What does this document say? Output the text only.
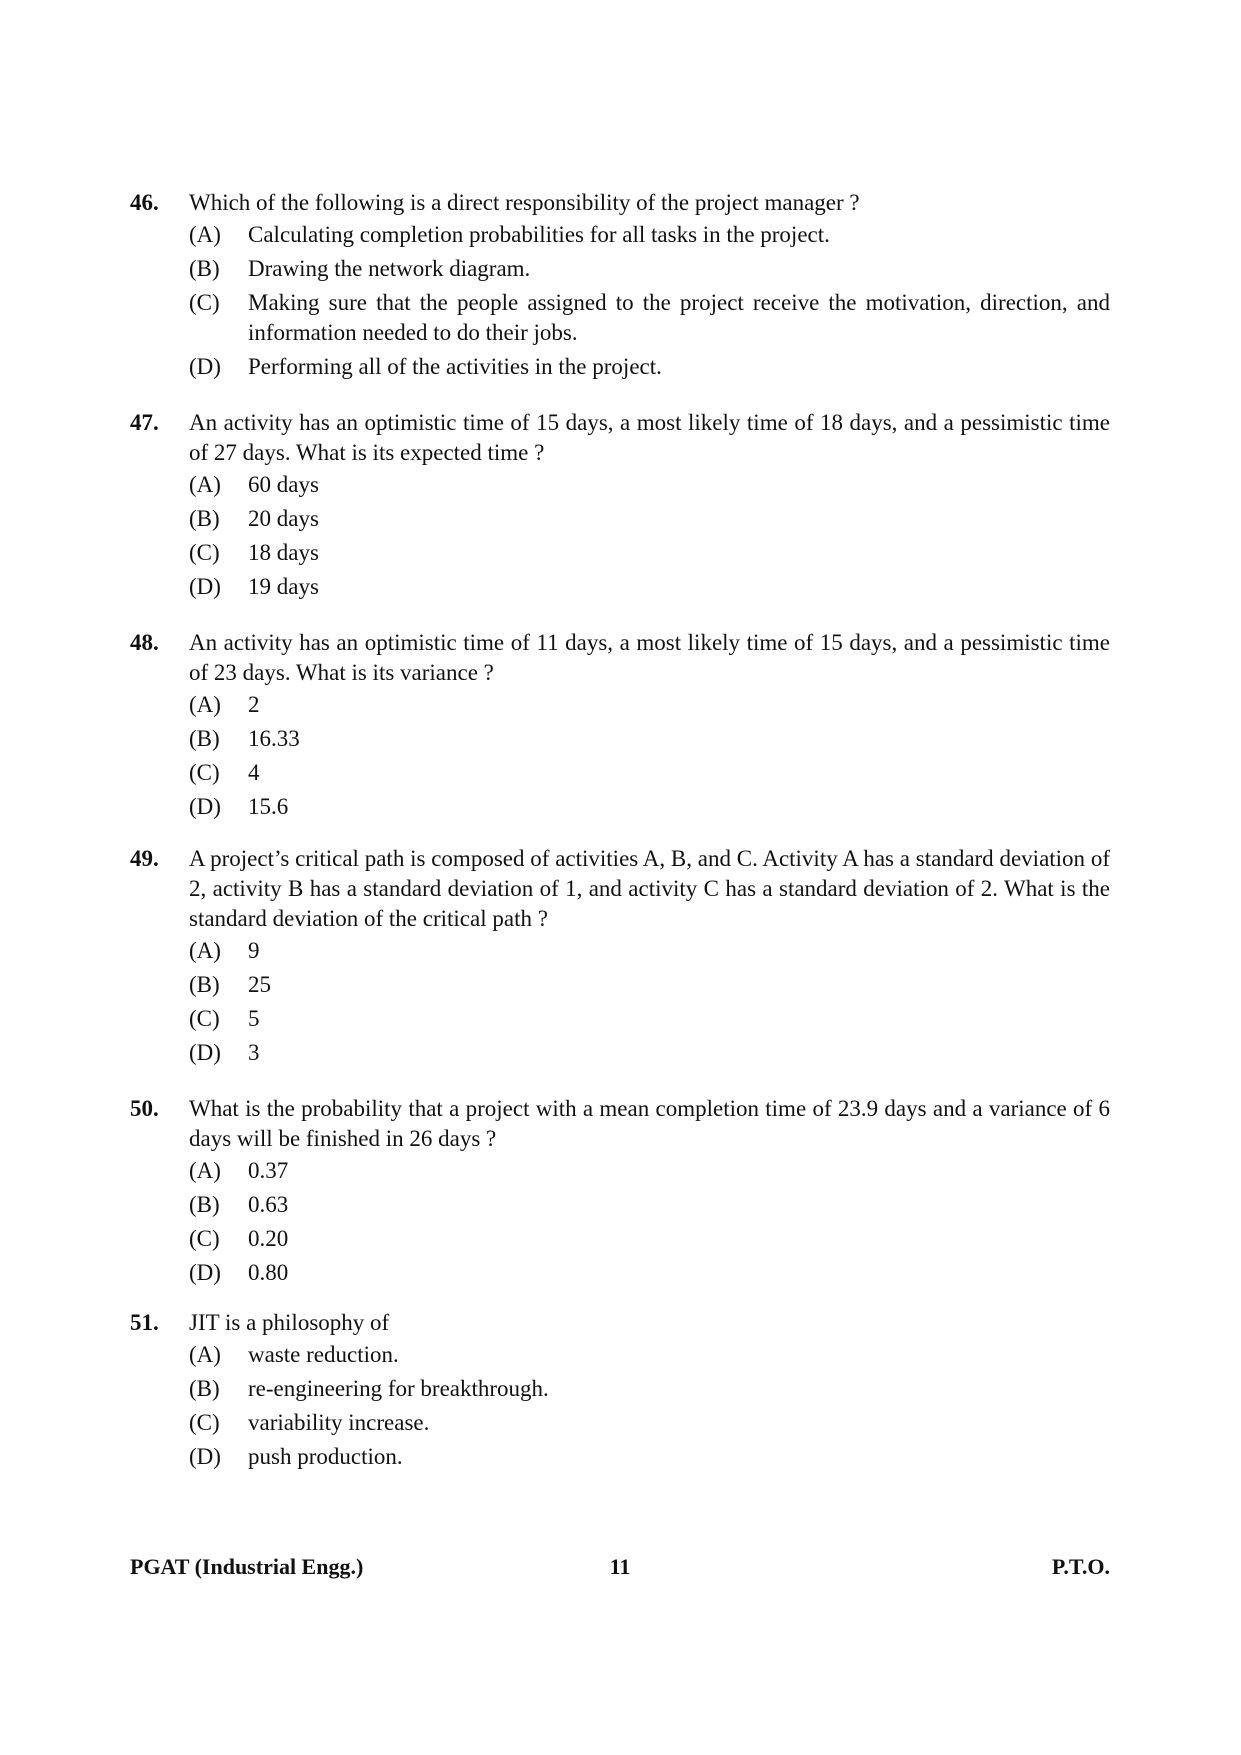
46. Which of the following is a direct responsibility of the project manager ?
(A) Calculating completion probabilities for all tasks in the project.
(B) Drawing the network diagram.
(C) Making sure that the people assigned to the project receive the motivation, direction, and information needed to do their jobs.
(D) Performing all of the activities in the project.
47. An activity has an optimistic time of 15 days, a most likely time of 18 days, and a pessimistic time of 27 days. What is its expected time ?
(A) 60 days
(B) 20 days
(C) 18 days
(D) 19 days
48. An activity has an optimistic time of 11 days, a most likely time of 15 days, and a pessimistic time of 23 days. What is its variance ?
(A) 2
(B) 16.33
(C) 4
(D) 15.6
49. A project’s critical path is composed of activities A, B, and C. Activity A has a standard deviation of 2, activity B has a standard deviation of 1, and activity C has a standard deviation of 2. What is the standard deviation of the critical path ?
(A) 9
(B) 25
(C) 5
(D) 3
50. What is the probability that a project with a mean completion time of 23.9 days and a variance of 6 days will be finished in 26 days ?
(A) 0.37
(B) 0.63
(C) 0.20
(D) 0.80
51. JIT is a philosophy of
(A) waste reduction.
(B) re-engineering for breakthrough.
(C) variability increase.
(D) push production.
PGAT (Industrial Engg.)	11	P.T.O.
